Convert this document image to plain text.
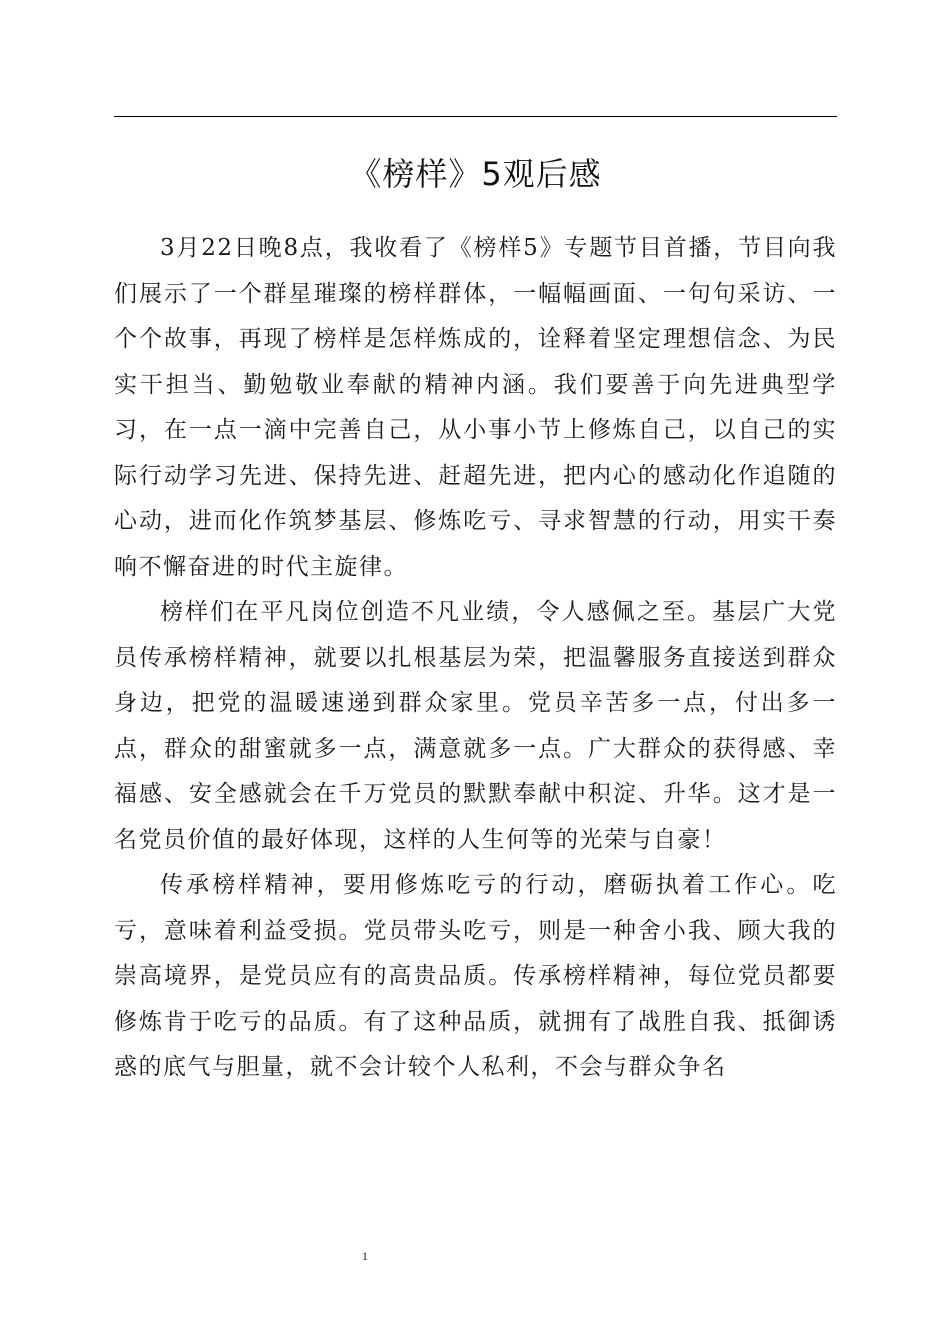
《榜样》5观后感

3月22日晚8点，我收看了《榜样5》专题节目首播，节目向我们展示了一个群星璀璨的榜样群体，一幅幅画面、一句句采访、一个个故事，再现了榜样是怎样炼成的，诠释着坚定理想信念、为民实干担当、勤勉敬业奉献的精神内涵。我们要善于向先进典型学习，在一点一滴中完善自己，从小事小节上修炼自己，以自己的实际行动学习先进、保持先进、赶超先进，把内心的感动化作追随的心动，进而化作筑梦基层、修炼吃亏、寻求智慧的行动，用实干奏响不懈奋进的时代主旋律。

榜样们在平凡岗位创造不凡业绩，令人感佩之至。基层广大党员传承榜样精神，就要以扎根基层为荣，把温馨服务直接送到群众身边，把党的温暖速递到群众家里。党员辛苦多一点，付出多一点，群众的甜蜜就多一点，满意就多一点。广大群众的获得感、幸福感、安全感就会在千万党员的默默奉献中积淀、升华。这才是一名党员价值的最好体现，这样的人生何等的光荣与自豪！

传承榜样精神，要用修炼吃亏的行动，磨砺执着工作心。吃亏，意味着利益受损。党员带头吃亏，则是一种舍小我、顾大我的崇高境界，是党员应有的高贵品质。传承榜样精神，每位党员都要修炼肯于吃亏的品质。有了这种品质，就拥有了战胜自我、抵御诱惑的底气与胆量，就不会计较个人私利，不会与群众争名

1
